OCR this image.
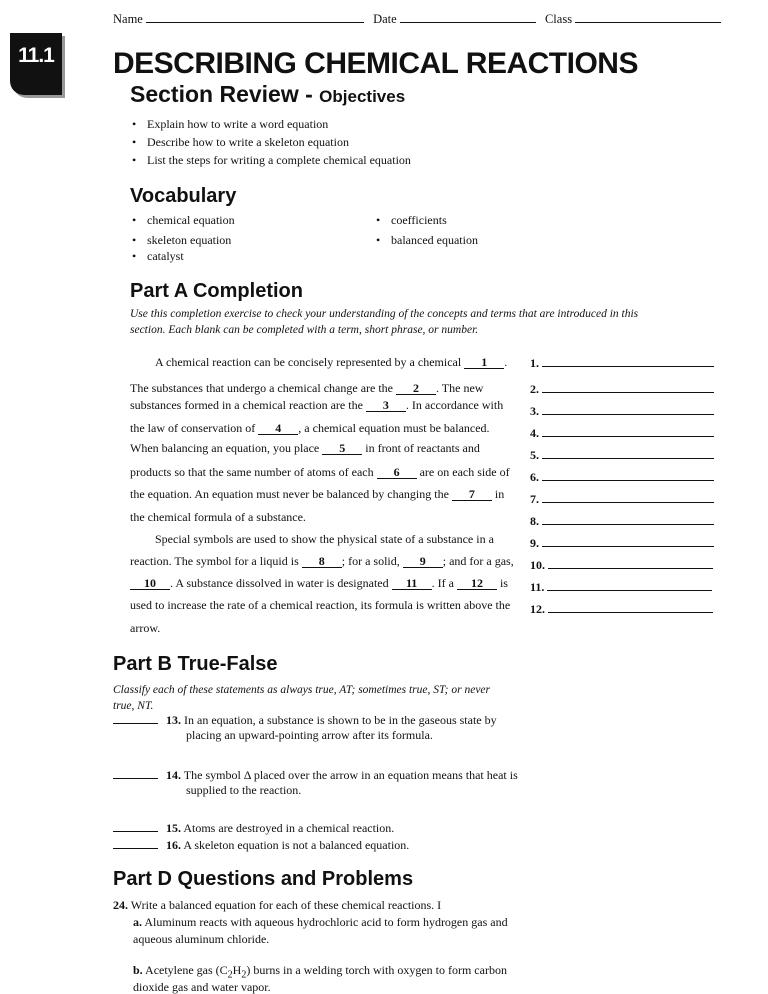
Name	Date	Class
11.1 DESCRIBING CHEMICAL REACTIONS
Section Review - Objectives
• Explain how to write a word equation
• Describe how to write a skeleton equation
• List the steps for writing a complete chemical equation
Vocabulary
• chemical equation
• skeleton equation
• catalyst
• coefficients
• balanced equation
Part A Completion
Use this completion exercise to check your understanding of the concepts and terms that are introduced in this
section. Each blank can be completed with a term, short phrase, or number.
A chemical reaction can be concisely represented by a chemical 1 .
The substances that undergo a chemical change are the 2 . The new
substances formed in a chemical reaction are the 3 . In accordance with
the law of conservation of 4 , a chemical equation must be balanced.
When balancing an equation, you place 5 in front of reactants and
products so that the same number of atoms of each 6 are on each side of
the equation. An equation must never be balanced by changing the 7 in
the chemical formula of a substance.
Special symbols are used to show the physical state of a substance in a
reaction. The symbol for a liquid is 8 ; for a solid, 9 ; and for a gas,
10 . A substance dissolved in water is designated 11 . If a 12 is
used to increase the rate of a chemical reaction, its formula is written above the
arrow.
1.
2.
3.
4.
5.
6.
7.
8.
9.
10.
11.
12.
Part B True-False
Classify each of these statements as always true, AT; sometimes true, ST; or never
true, NT.
13. In an equation, a substance is shown to be in the gaseous state by
placing an upward-pointing arrow after its formula.
14. The symbol Δ placed over the arrow in an equation means that heat is
supplied to the reaction.
15. Atoms are destroyed in a chemical reaction.
16. A skeleton equation is not a balanced equation.
Part D Questions and Problems
24. Write a balanced equation for each of these chemical reactions. I
a. Aluminum reacts with aqueous hydrochloric acid to form hydrogen gas and
aqueous aluminum chloride.
b. Acetylene gas $(C_2H_2)$ burns in a welding torch with oxygen to form carbon
dioxide gas and water vapor.
